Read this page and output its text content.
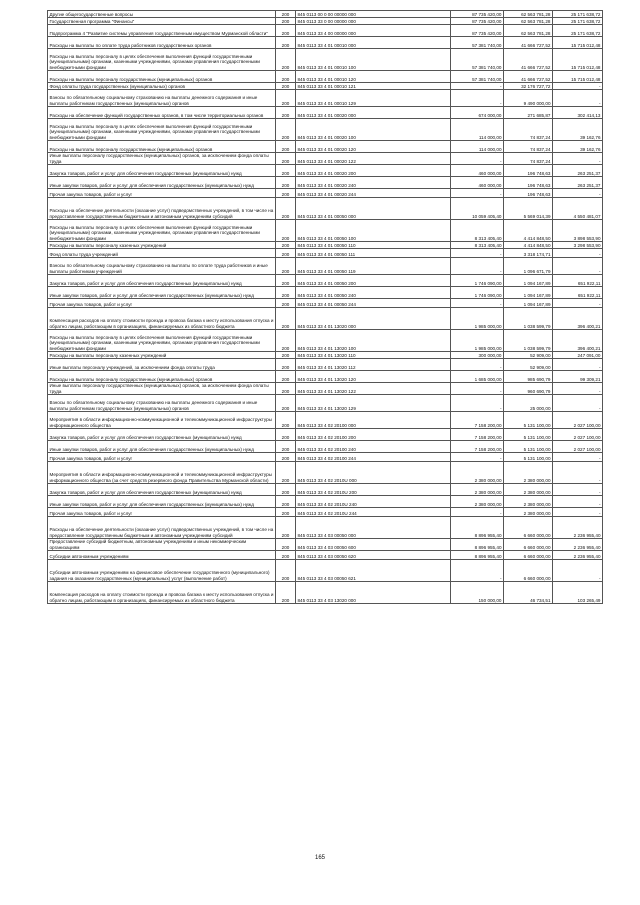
Другие общегосударственные вопросы	200	845 0113 00 0 00 00000 000	87 735 420,00	62 563 781,28	25 171 638,72
Государственная программа "Финансы"	200	845 0113 33 0 00 00000 000	87 735 420,00	62 563 781,28	25 171 638,72
Подпрограмма 4 "Развитие системы управления государственным имуществом Мурманской области"	200	845 0113 33 4 00 00000 000	87 735 420,00	62 563 781,28	25 171 638,72
Расходы на выплаты по оплате труда работников государственных органов	200	845 0113 33 4 01 00010 000	57 381 740,00	41 666 727,52	15 715 012,48
Расходы на выплаты персоналу в целях обеспечения выполнения функций государственными (муниципальными) органами, казенными учреждениями, органами управления государственными внебюджетными фондами	200	845 0113 33 4 01 00010 100	57 381 740,00	41 666 727,52	15 715 012,48
Расходы на выплаты персоналу государственных (муниципальных) органов	200	845 0113 33 4 01 00010 120	57 381 740,00	41 666 727,52	15 715 012,48
Фонд оплаты труда государственных (муниципальных) органов	200	845 0113 33 4 01 00010 121	-	32 176 727,72	-
Взносы по обязательному социальному страхованию на выплаты денежного содержания и иные выплаты работникам государственных (муниципальных) органов	200	845 0113 33 4 01 00010 129	-	9 490 000,00	-
Расходы на обеспечение функций государственных органов, в том числе территориальных органов	200	845 0113 33 4 01 00020 000	674 000,00	271 685,87	302 414,13
Расходы на выплаты персоналу в целях обеспечения выполнения функций государственными (муниципальными) органами, казенными учреждениями, органами управления государственными внебюджетными фондами	200	845 0113 33 4 01 00020 100	114 000,00	74 837,24	39 162,76
Расходы на выплаты персоналу государственных (муниципальных) органов	200	845 0113 33 4 01 00020 120	114 000,00	74 837,24	39 162,76
Иные выплаты персоналу государственных (муниципальных) органов, за исключением фонда оплаты труда	200	845 0113 33 4 01 00020 122	-	74 837,24	-
Закупка товаров, работ и услуг для обеспечения государственных (муниципальных) нужд	200	845 0113 33 4 01 00020 200	460 000,00	196 748,63	263 251,37
Иные закупки товаров, работ и услуг для обеспечения государственных (муниципальных) нужд	200	845 0113 33 4 01 00020 240	460 000,00	196 748,63	263 251,37
Прочая закупка товаров, работ и услуг	200	845 0113 33 4 01 00020 244	-	196 748,63	-
Расходы на обеспечение деятельности (оказание услуг) подведомственных учреждений, в том числе на предоставление государственным бюджетным и автономным учреждениям субсидий	200	845 0113 33 4 01 00050 000	10 059 405,40	5 569 014,39	4 550 481,07
Расходы на выплаты персоналу в целях обеспечения выполнения функций государственными (муниципальными) органами, казенными учреждениями, органами управления государственными внебюджетными фондами	200	845 0113 33 4 01 00050 100	8 313 405,40	4 414 848,50	3 898 553,90
Расходы на выплаты персоналу казенных учреждений	200	845 0113 33 4 01 00050 110	8 313 405,40	4 414 848,50	3 298 553,90
Фонд оплаты труда учреждений	200	845 0113 33 4 01 00050 111	-	3 318 174,71	-
Взносы по обязательному социальному страхованию на выплаты по оплате труда работников и иные выплаты работникам учреждений	200	845 0113 33 4 01 00050 119	-	1 096 671,79	-
Закупка товаров, работ и услуг для обеспечения государственных (муниципальных) нужд	200	845 0113 33 4 01 00050 200	1 746 090,00	1 094 167,89	651 922,11
Иные закупки товаров, работ и услуг для обеспечения государственных (муниципальных) нужд	200	845 0113 33 4 01 00050 240	1 746 090,00	1 094 167,89	651 922,11
Прочая закупка товаров, работ и услуг	200	845 0113 33 4 01 00050 244	-	1 094 167,89	-
Компенсация расходов на оплату стоимости проезда и провоза багажа к месту использования отпуска и обратно лицам, работающим в организациях, финансируемых из областного бюджета	200	845 0113 33 4 01 13020 000	1 985 000,00	1 038 599,79	396 400,21
Расходы на выплаты персоналу в целях обеспечения выполнения функций государственными (муниципальными) органами, казенными учреждениями, органами управления государственными внебюджетными фондами	200	845 0113 33 4 01 13020 100	1 985 000,00	1 038 599,79	396 400,21
Расходы на выплаты персоналу казенных учреждений	200	845 0113 33 4 01 13020 110	300 000,00	52 909,00	247 091,00
Иные выплаты персоналу учреждений, за исключением фонда оплаты труда	200	845 0113 33 4 01 13020 112	-	52 909,00	-
Расходы на выплаты персоналу государственных (муниципальных) органов	200	845 0113 33 4 01 13020 120	1 685 000,00	985 690,79	99 309,21
Иные выплаты персоналу государственных (муниципальных) органов, за исключением фонда оплаты труда	200	845 0113 33 4 01 13020 122	-	960 690,79	-
Взносы по обязательному социальному страхованию на выплаты денежного содержания и иные выплаты работникам государственных (муниципальных) органов	200	845 0113 33 4 01 13020 129	-	25 000,00	-
Мероприятия в области информационно-коммуникационной и телекоммуникационной инфраструктуры информационного общества	200	845 0113 33 4 02 20100 000	7 158 200,00	5 131 100,00	2 027 100,00
Закупка товаров, работ и услуг для обеспечения государственных (муниципальных) нужд	200	845 0113 33 4 02 20100 200	7 158 200,00	5 131 100,00	2 027 100,00
Иные закупки товаров, работ и услуг для обеспечения государственных (муниципальных) нужд	200	845 0113 33 4 02 20100 240	7 158 200,00	5 131 100,00	2 027 100,00
Прочая закупка товаров, работ и услуг	200	845 0113 33 4 02 20100 244	-	5 131 100,00	-
Мероприятия в области информационно-коммуникационной и телекоммуникационной инфраструктуры информационного общества (за счет средств резервного фонда Правительства Мурманской области)	200	845 0113 33 4 02 2010U 000	2 380 000,00	2 380 000,00	-
Закупка товаров, работ и услуг для обеспечения государственных (муниципальных) нужд	200	845 0113 33 4 02 2010U 200	2 380 000,00	2 380 000,00	-
Иные закупки товаров, работ и услуг для обеспечения государственных (муниципальных) нужд	200	845 0113 33 4 02 2010U 240	2 380 000,00	2 380 000,00	-
Прочая закупка товаров, работ и услуг	200	845 0113 33 4 02 2010U 244	-	2 380 000,00	-
Расходы на обеспечение деятельности (оказание услуг) подведомственных учреждений, в том числе на предоставление государственным бюджетным и автономным учреждениям субсидий	200	845 0113 33 4 03 00050 000	8 896 955,40	6 660 000,00	2 236 955,40
Предоставление субсидий бюджетным, автономным учреждениям и иным некоммерческим организациям	200	845 0113 33 4 03 00050 600	8 896 955,40	6 660 000,00	2 236 955,40
Субсидии автономным учреждениям	200	845 0113 33 4 03 00050 620	8 896 955,40	6 660 000,00	2 236 955,40
Субсидии автономным учреждениям на финансовое обеспечение государственного (муниципального) задания на оказание государственных (муниципальных) услуг (выполнение работ)	200	845 0113 33 4 03 00050 621	-	6 660 000,00	-
Компенсация расходов на оплату стоимости проезда и провоза багажа к месту использования отпуска и обратно лицам, работающим в организациях, финансируемых из областного бюджета	200	845 0113 33 4 03 13020 000	150 000,00	46 734,51	103 265,49
165
